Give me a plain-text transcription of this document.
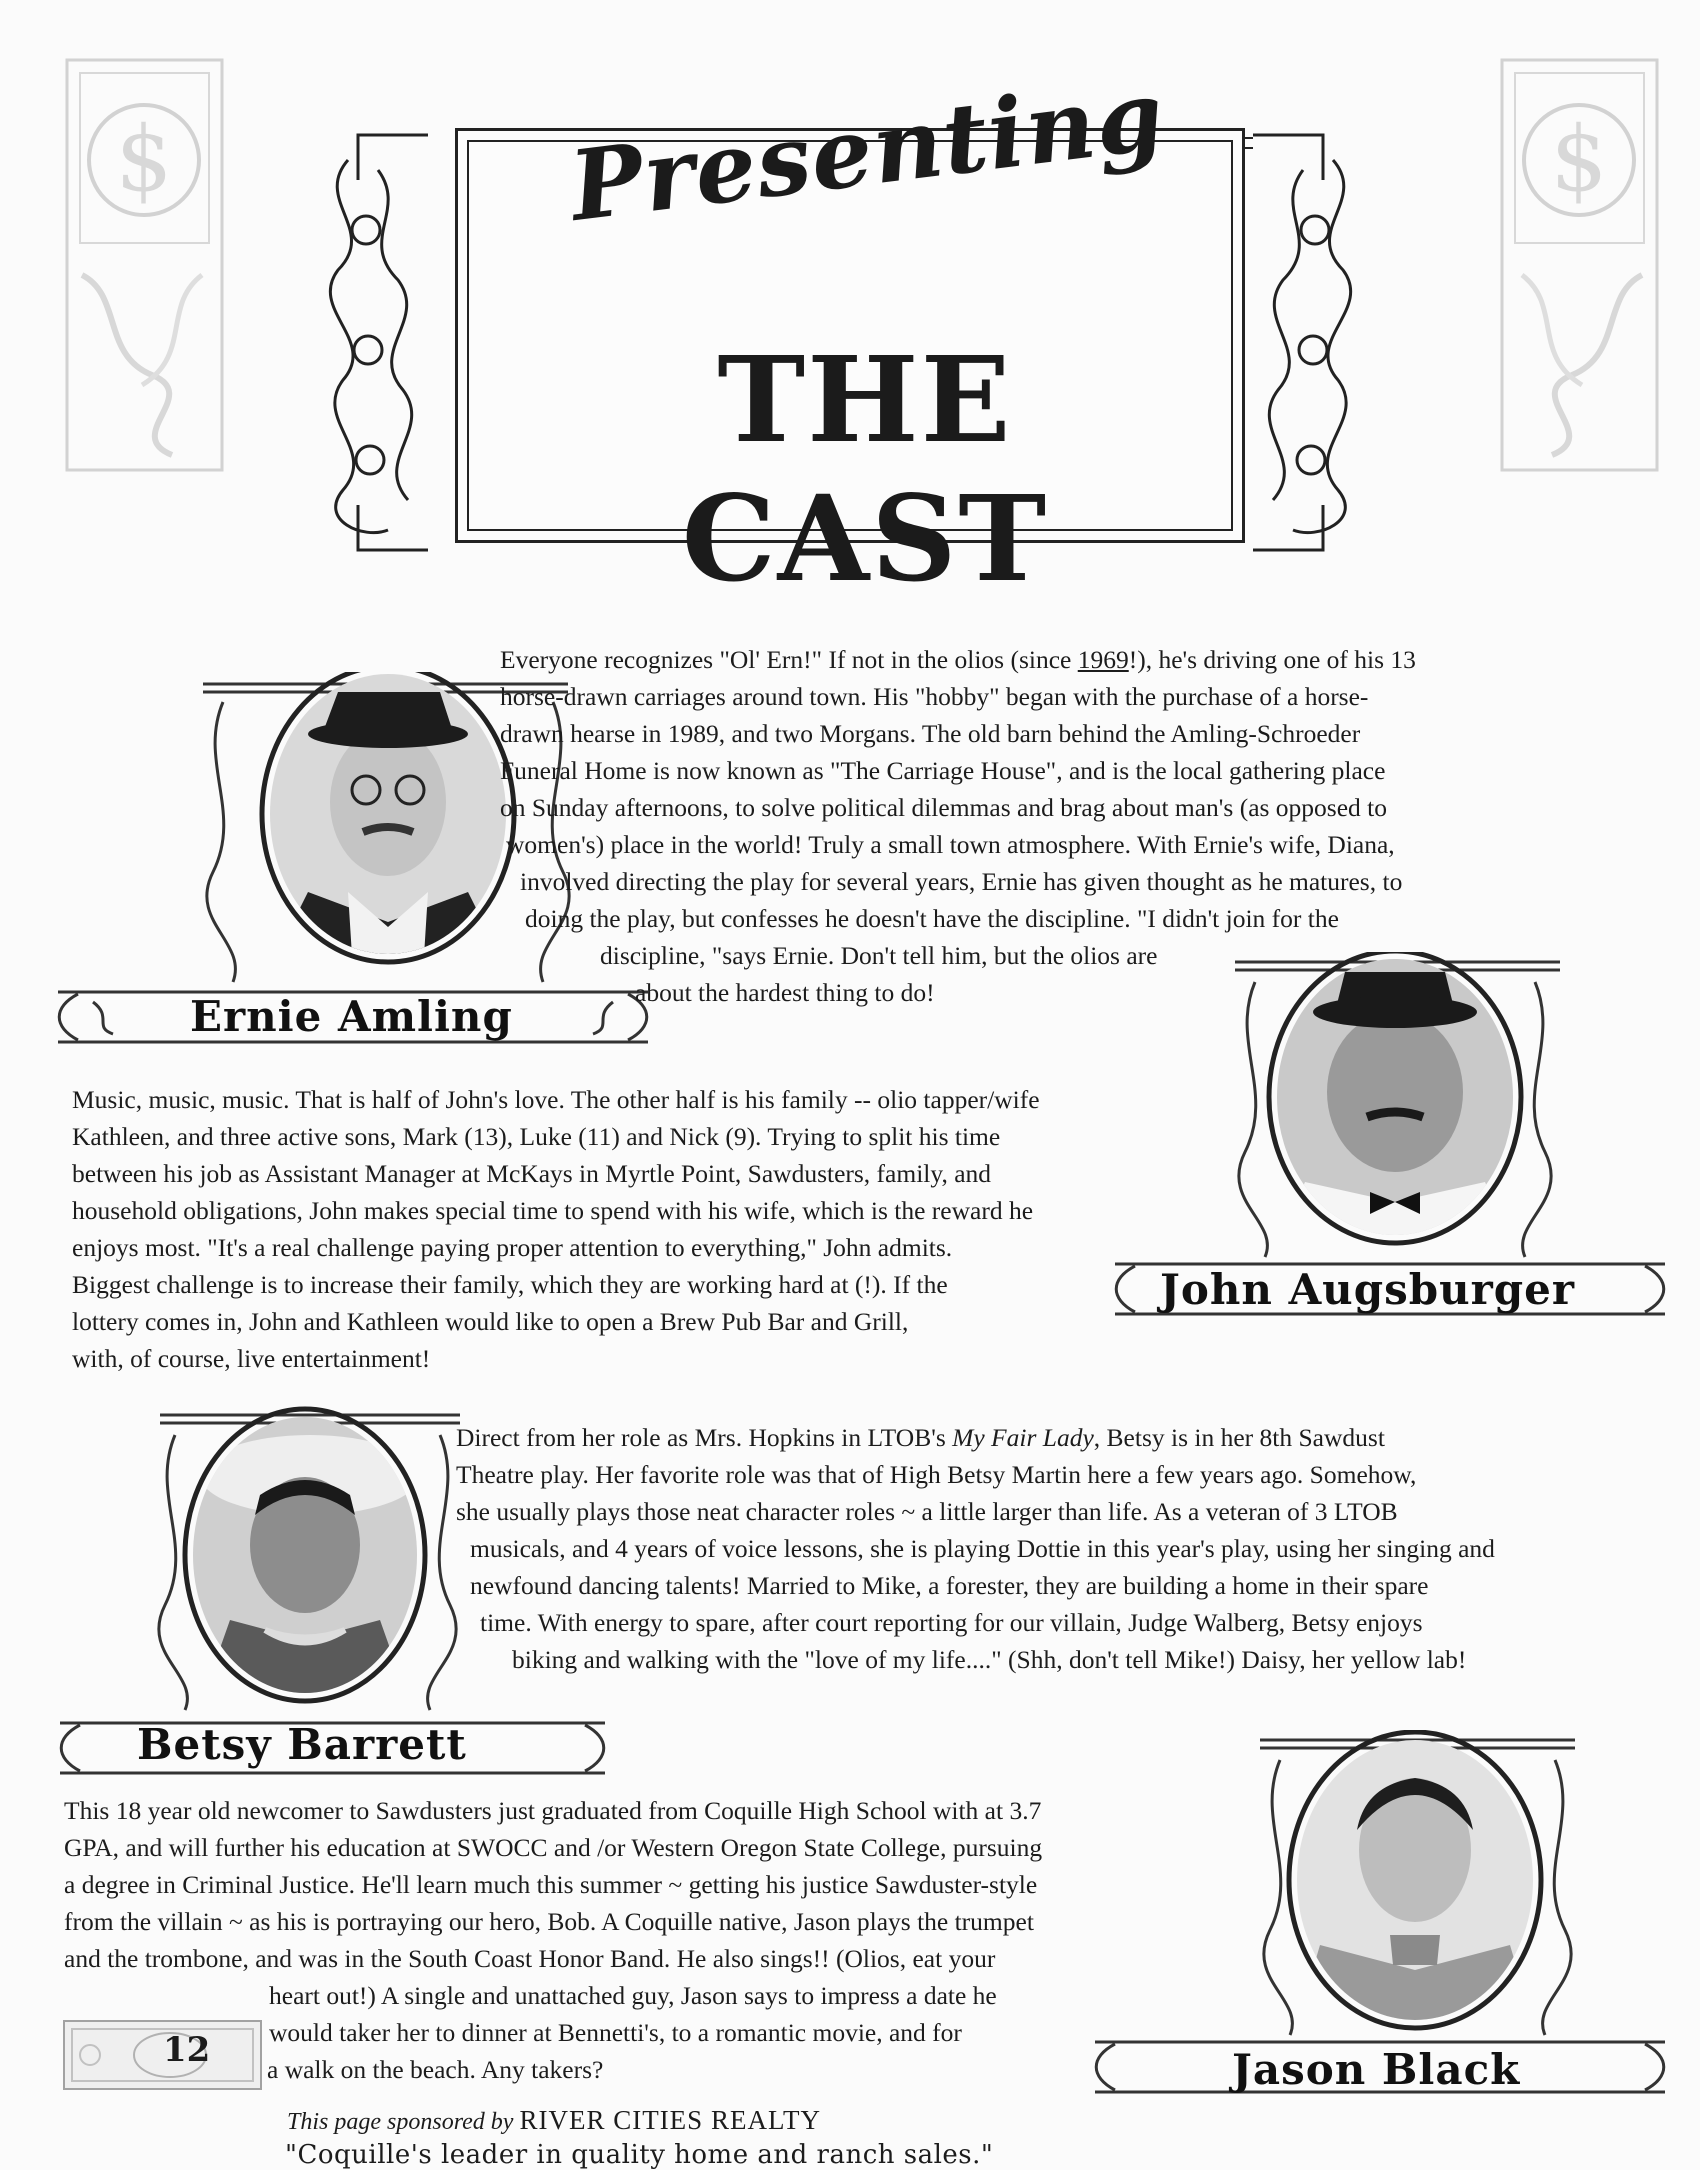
$	$
Presenting
THE CAST
Ernie Amling
Everyone recognizes "Ol' Ern!" If not in the olios (since 1969!), he's driving one of his 13
horse-drawn carriages around town. His "hobby" began with the purchase of a horse-
drawn hearse in 1989, and two Morgans. The old barn behind the Amling-Schroeder
Funeral Home is now known as "The Carriage House", and is the local gathering place
on Sunday afternoons, to solve political dilemmas and brag about man's (as opposed to
women's) place in the world! Truly a small town atmosphere. With Ernie's wife, Diana,
involved directing the play for several years, Ernie has given thought as he matures, to
doing the play, but confesses he doesn't have the discipline. "I didn't join for the
discipline, "says Ernie. Don't tell him, but the olios are
about the hardest thing to do!
John Augsburger
Music, music, music. That is half of John's love. The other half is his family -- olio tapper/wife
Kathleen, and three active sons, Mark (13), Luke (11) and Nick (9). Trying to split his time
between his job as Assistant Manager at McKays in Myrtle Point, Sawdusters, family, and
household obligations, John makes special time to spend with his wife, which is the reward he
enjoys most. "It's a real challenge paying proper attention to everything," John admits.
Biggest challenge is to increase their family, which they are working hard at (!). If the
lottery comes in, John and Kathleen would like to open a Brew Pub Bar and Grill,
with, of course, live entertainment!
Betsy Barrett
Direct from her role as Mrs. Hopkins in LTOB's My Fair Lady, Betsy is in her 8th Sawdust
Theatre play. Her favorite role was that of High Betsy Martin here a few years ago. Somehow,
she usually plays those neat character roles ~ a little larger than life. As a veteran of 3 LTOB
musicals, and 4 years of voice lessons, she is playing Dottie in this year's play, using her singing and
newfound dancing talents! Married to Mike, a forester, they are building a home in their spare
time. With energy to spare, after court reporting for our villain, Judge Walberg, Betsy enjoys
biking and walking with the "love of my life...." (Shh, don't tell Mike!) Daisy, her yellow lab!
Jason Black
This 18 year old newcomer to Sawdusters just graduated from Coquille High School with at 3.7
GPA, and will further his education at SWOCC and /or Western Oregon State College, pursuing
a degree in Criminal Justice. He'll learn much this summer ~ getting his justice Sawduster-style
from the villain ~ as his is portraying our hero, Bob. A Coquille native, Jason plays the trumpet
and the trombone, and was in the South Coast Honor Band. He also sings!! (Olios, eat your
heart out!) A single and unattached guy, Jason says to impress a date he
would taker her to dinner at Bennetti's, to a romantic movie, and for
a walk on the beach. Any takers?
12
This page sponsored by RIVER CITIES REALTY
"Coquille's leader in quality home and ranch sales."
